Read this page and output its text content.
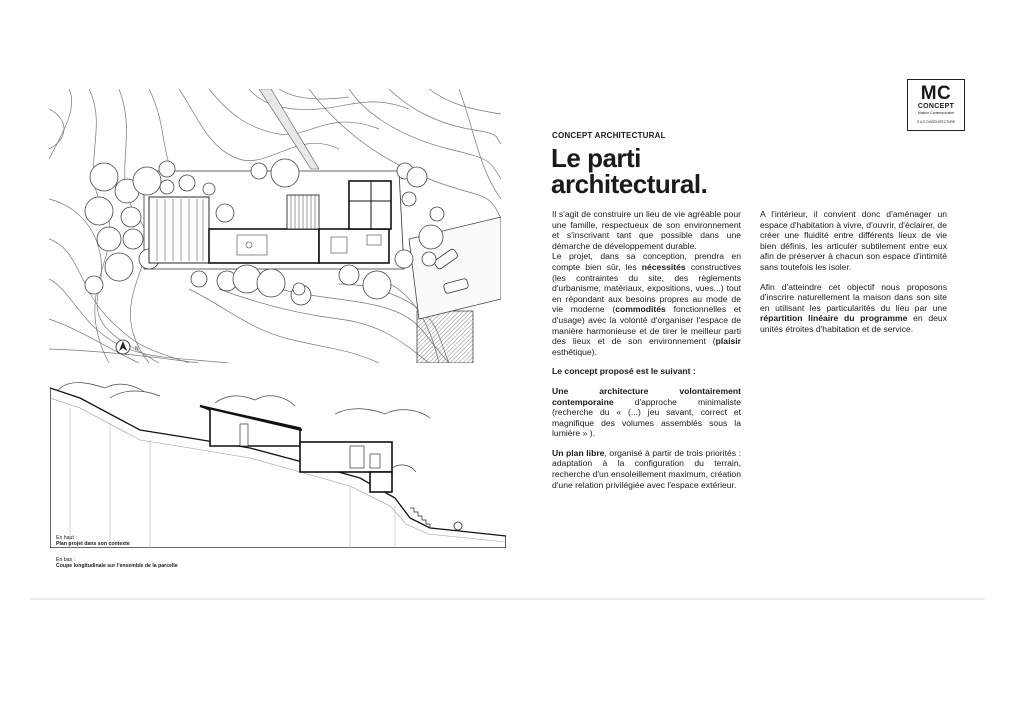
N
En haut :
Plan projet dans son contexte
En bas :
Coupe longitudinale sur l'ensemble de la parcelle
MC
CONCEPT
Maison Contemporaine
S.A.S D'ARCHITECTURE
CONCEPT ARCHITECTURAL
Le parti
architectural.

Il s'agit de construire un lieu de vie agréable pour une famille, respectueux de son environnement et s'inscrivant tant que possible dans une démarche de développement durable.

Le projet, dans sa conception, prendra en compte bien sûr, les nécessités constructives (les contraintes du site, des règlements d'urbanisme, matériaux, expositions, vues...) tout en répondant aux besoins propres au mode de vie moderne (commodités fonctionnelles et d'usage) avec la volonté d'organiser l'espace de manière harmonieuse et de tirer le meilleur parti des lieux et de son environnement (plaisir esthétique).

Le concept proposé est le suivant :

Une architecture volontairement contemporaine d'approche minimaliste (recherche du « (...) jeu savant, correct et magnifique des volumes assemblés sous la lumière » ).

Un plan libre, organisé à partir de trois priorités : adaptation à la configuration du terrain, recherche d'un ensoleillement maximum, création d'une relation privilégiée avec l'espace extérieur.

A l'intérieur, il convient donc d'aménager un espace d'habitation à vivre, d'ouvrir, d'éclairer, de créer une fluidité entre différents lieux de vie bien définis, les articuler subtilement entre eux afin de préserver à chacun son espace d'intimité sans toutefois les isoler.

Afin d'atteindre cet objectif nous proposons d'inscrire naturellement la maison dans son site en utilisant les particularités du lieu par une répartition linéaire du programme en deux unités étroites d'habitation et de service.
